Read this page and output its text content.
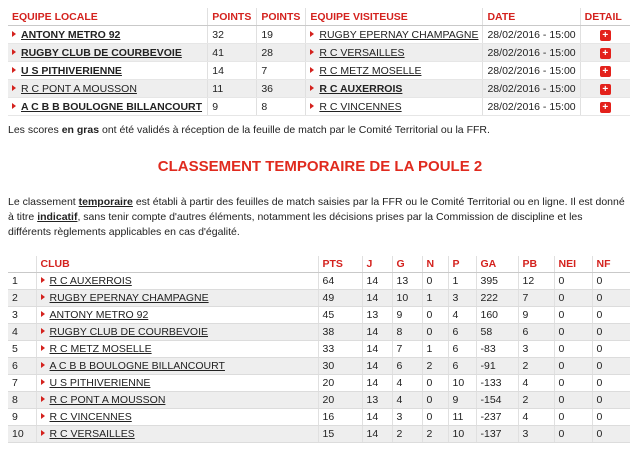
EQUIPE LOCALE	POINTS	POINTS	EQUIPE VISITEUSE	DATE	DETAIL
ANTONY METRO 92	32	19	RUGBY EPERNAY CHAMPAGNE	28/02/2016 - 15:00	+
RUGBY CLUB DE COURBEVOIE	41	28	R C VERSAILLES	28/02/2016 - 15:00	+
U S PITHIVERIENNE	14	7	R C METZ MOSELLE	28/02/2016 - 15:00	+
R C PONT A MOUSSON	11	36	R C AUXERROIS	28/02/2016 - 15:00	+
A C B B BOULOGNE BILLANCOURT	9	8	R C VINCENNES	28/02/2016 - 15:00	+
Les scores en gras ont été validés à réception de la feuille de match par le Comité Territorial ou la FFR.
CLASSEMENT TEMPORAIRE DE LA POULE 2
Le classement temporaire est établi à partir des feuilles de match saisies par la FFR ou le Comité Territorial ou en ligne. Il est donné à titre indicatif, sans tenir compte d'autres éléments, notamment les décisions prises par la Commission de discipline et les différents règlements applicables en cas d'égalité.
	CLUB	PTS	J	G	N	P	GA	PB	NEI	NF
1	R C AUXERROIS	64	14	13	0	1	395	12	0	0
2	RUGBY EPERNAY CHAMPAGNE	49	14	10	1	3	222	7	0	0
3	ANTONY METRO 92	45	13	9	0	4	160	9	0	0
4	RUGBY CLUB DE COURBEVOIE	38	14	8	0	6	58	6	0	0
5	R C METZ MOSELLE	33	14	7	1	6	-83	3	0	0
6	A C B B BOULOGNE BILLANCOURT	30	14	6	2	6	-91	2	0	0
7	U S PITHIVERIENNE	20	14	4	0	10	-133	4	0	0
8	R C PONT A MOUSSON	20	13	4	0	9	-154	2	0	0
9	R C VINCENNES	16	14	3	0	11	-237	4	0	0
10	R C VERSAILLES	15	14	2	2	10	-137	3	0	0
